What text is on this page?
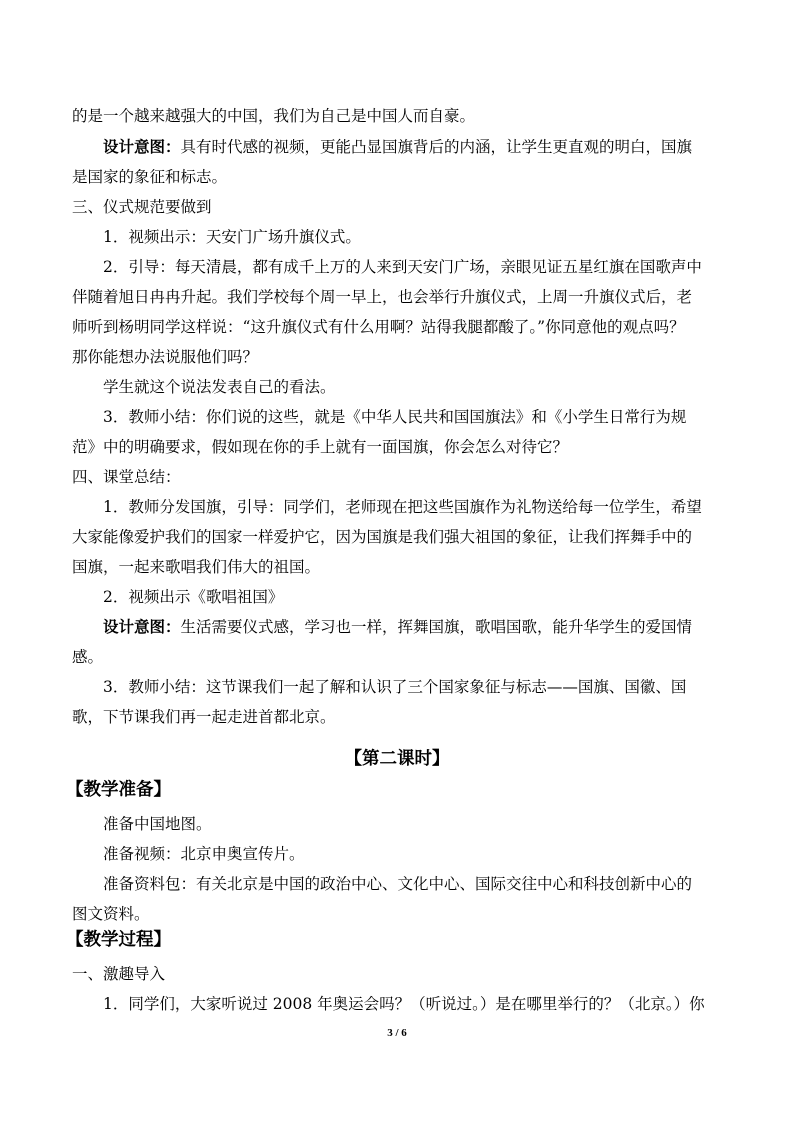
的是一个越来越强大的中国，我们为自己是中国人而自豪。
设计意图：具有时代感的视频，更能凸显国旗背后的内涵，让学生更直观的明白，国旗
是国家的象征和标志。
三、仪式规范要做到
1．视频出示：天安门广场升旗仪式。
2．引导：每天清晨，都有成千上万的人来到天安门广场，亲眼见证五星红旗在国歌声中
伴随着旭日冉冉升起。我们学校每个周一早上，也会举行升旗仪式，上周一升旗仪式后，老
师听到杨明同学这样说：“这升旗仪式有什么用啊？站得我腿都酸了。”你同意他的观点吗？
那你能想办法说服他们吗？
学生就这个说法发表自己的看法。
3．教师小结：你们说的这些，就是《中华人民共和国国旗法》和《小学生日常行为规
范》中的明确要求，假如现在你的手上就有一面国旗，你会怎么对待它？
四、课堂总结：
1．教师分发国旗，引导：同学们，老师现在把这些国旗作为礼物送给每一位学生，希望
大家能像爱护我们的国家一样爱护它，因为国旗是我们强大祖国的象征，让我们挥舞手中的
国旗，一起来歌唱我们伟大的祖国。
2．视频出示《歌唱祖国》
设计意图：生活需要仪式感，学习也一样，挥舞国旗，歌唱国歌，能升华学生的爱国情
感。
3．教师小结：这节课我们一起了解和认识了三个国家象征与标志——国旗、国徽、国
歌，下节课我们再一起走进首都北京。
【第二课时】
【教学准备】
准备中国地图。
准备视频：北京申奥宣传片。
准备资料包：有关北京是中国的政治中心、文化中心、国际交往中心和科技创新中心的
图文资料。
【教学过程】
一、激趣导入
1．同学们，大家听说过 2008 年奥运会吗？（听说过。）是在哪里举行的？（北京。）你
3 / 6
